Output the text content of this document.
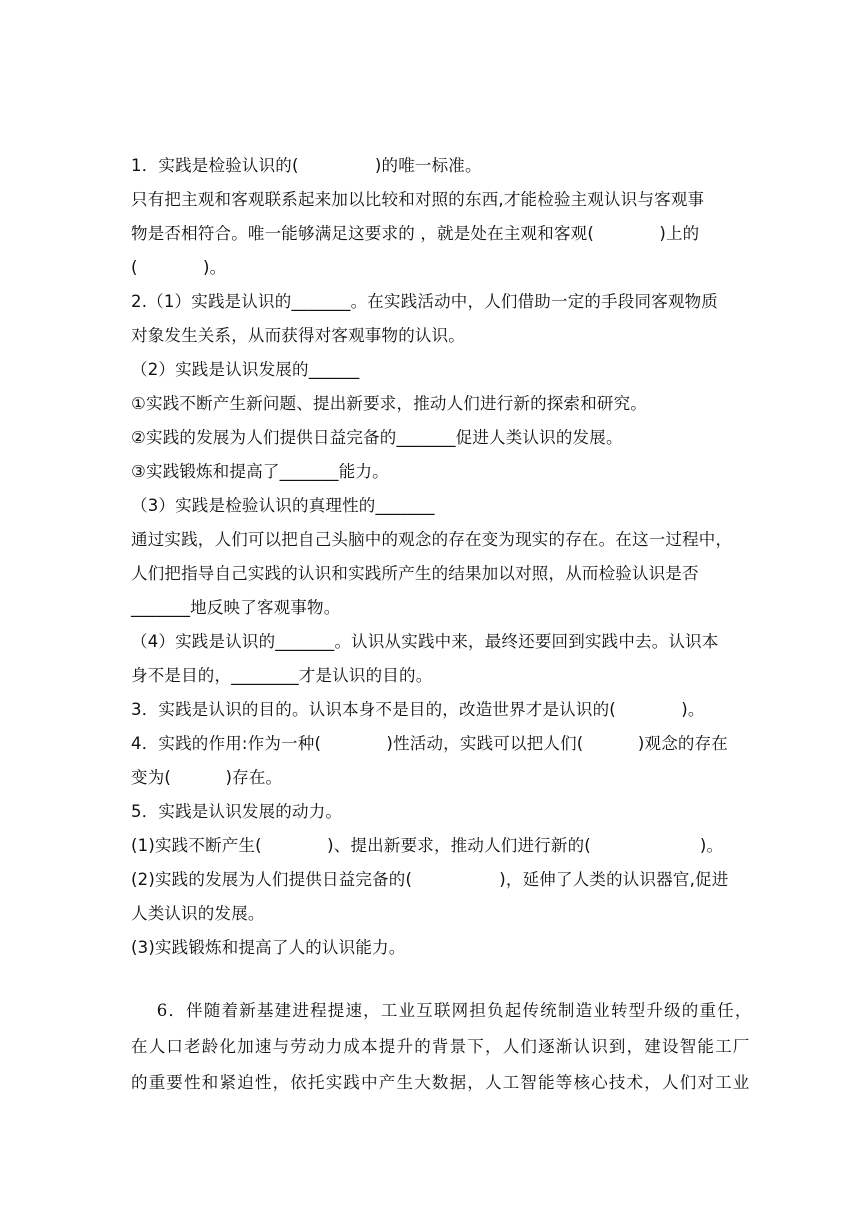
1．实践是检验认识的(              )的唯一标准。
只有把主观和客观联系起来加以比较和对照的东西,才能检验主观认识与客观事
物是否相符合。唯一能够满足这要求的 ，就是处在主观和客观(            )上的
(            )。
2.（1）实践是认识的_______。在实践活动中，人们借助一定的手段同客观物质
对象发生关系，从而获得对客观事物的认识。
（2）实践是认识发展的______
①实践不断产生新问题、提出新要求，推动人们进行新的探索和研究。
②实践的发展为人们提供日益完备的_______促进人类认识的发展。
③实践锻炼和提高了_______能力。
（3）实践是检验认识的真理性的_______
通过实践，人们可以把自己头脑中的观念的存在变为现实的存在。在这一过程中，
人们把指导自己实践的认识和实践所产生的结果加以对照，从而检验认识是否
_______地反映了客观事物。
（4）实践是认识的_______。认识从实践中来，最终还要回到实践中去。认识本
身不是目的，________才是认识的目的。
3．实践是认识的目的。认识本身不是目的，改造世界才是认识的(            )。
4．实践的作用:作为一种(            )性活动，实践可以把人们(          )观念的存在
变为(          )存在。
5．实践是认识发展的动力。
(1)实践不断产生(            )、提出新要求，推动人们进行新的(                    )。
(2)实践的发展为人们提供日益完备的(                )，延伸了人类的认识器官,促进
人类认识的发展。
(3)实践锻炼和提高了人的认识能力。
6．伴随着新基建进程提速，工业互联网担负起传统制造业转型升级的重任，
在人口老龄化加速与劳动力成本提升的背景下，人们逐渐认识到，建设智能工厂
的重要性和紧迫性，依托实践中产生大数据，人工智能等核心技术，人们对工业
